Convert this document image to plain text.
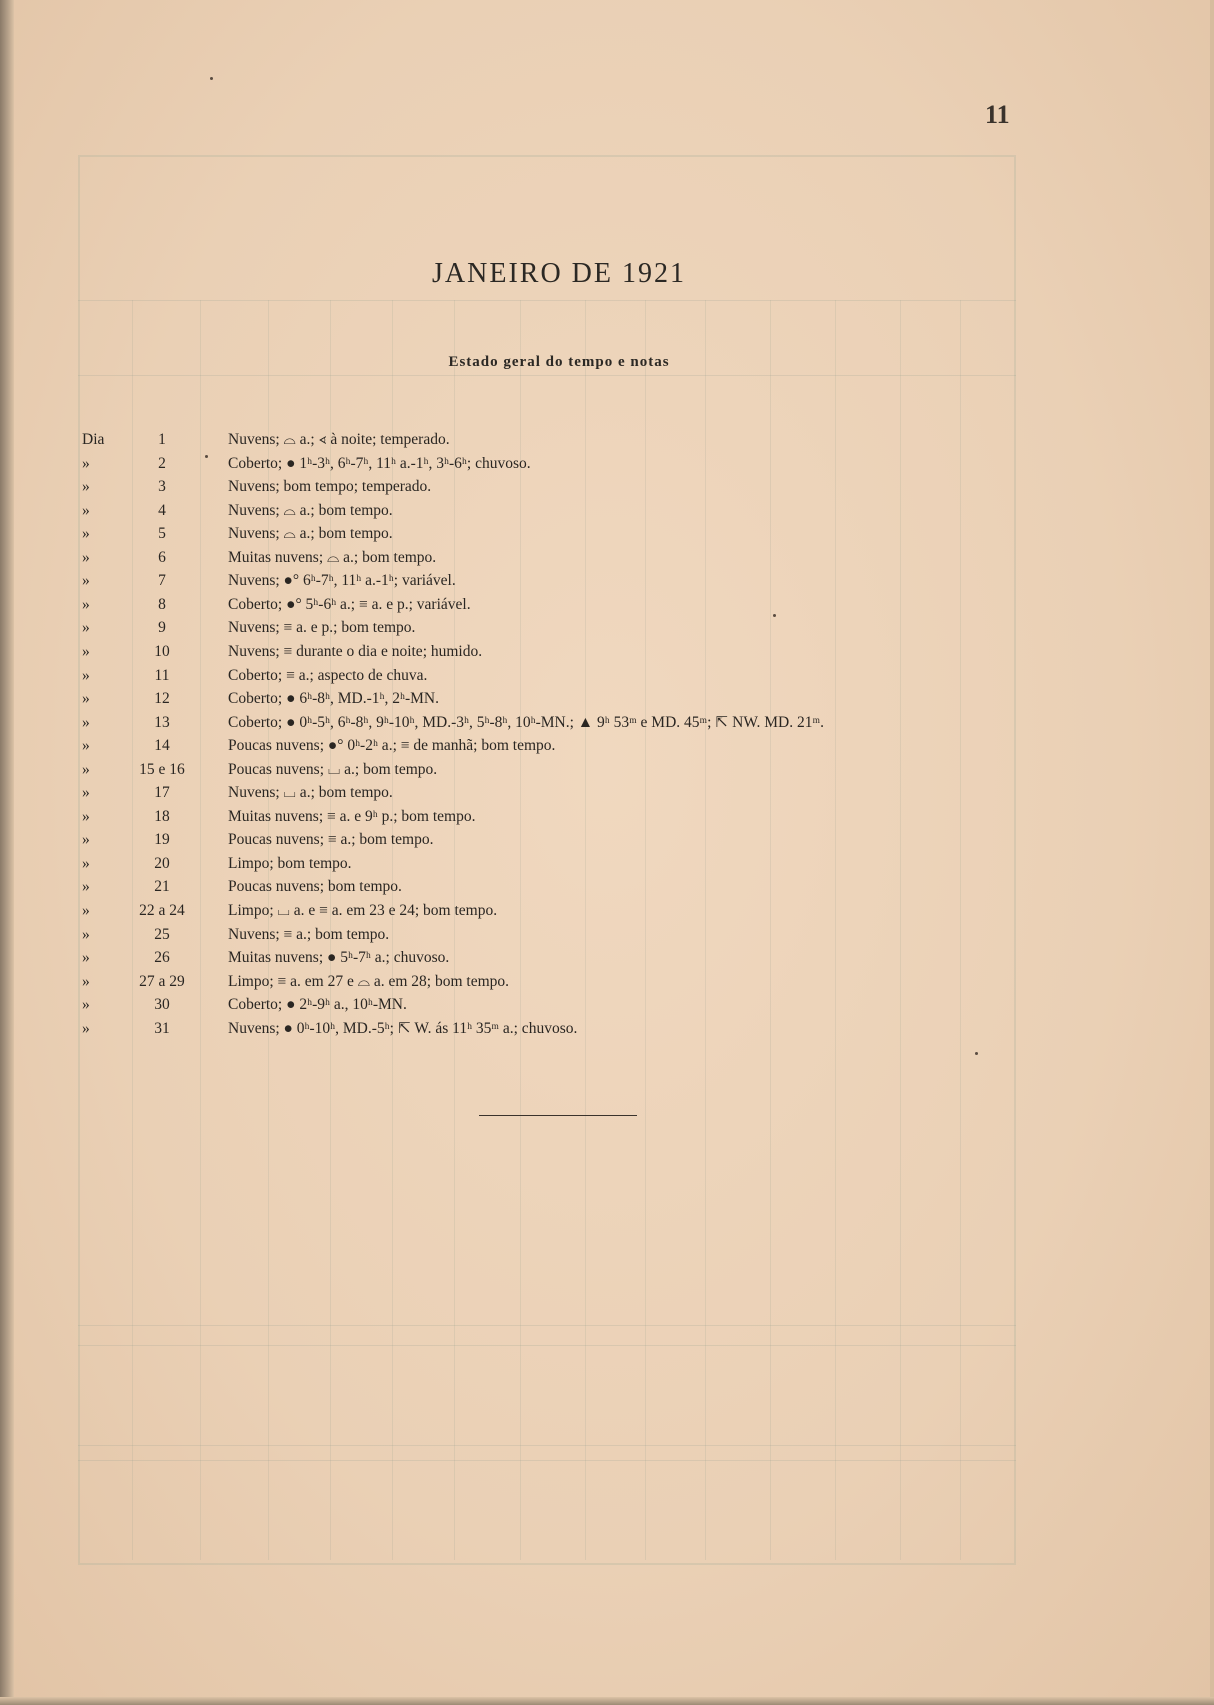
11
JANEIRO DE 1921
Estado geral do tempo e notas
Dia	1	Nuvens; ⌓ a.; ∢ à noite; temperado.
»	2	Coberto; ● 1ʰ-3ʰ, 6ʰ-7ʰ, 11ʰ a.-1ʰ, 3ʰ-6ʰ; chuvoso.
»	3	Nuvens; bom tempo; temperado.
»	4	Nuvens; ⌓ a.; bom tempo.
»	5	Nuvens; ⌓ a.; bom tempo.
»	6	Muitas nuvens; ⌓ a.; bom tempo.
»	7	Nuvens; ●° 6ʰ-7ʰ, 11ʰ a.-1ʰ; variável.
»	8	Coberto; ●° 5ʰ-6ʰ a.; ≡ a. e p.; variável.
»	9	Nuvens; ≡ a. e p.; bom tempo.
»	10	Nuvens; ≡ durante o dia e noite; humido.
»	11	Coberto; ≡ a.; aspecto de chuva.
»	12	Coberto; ● 6ʰ-8ʰ, MD.-1ʰ, 2ʰ-MN.
»	13	Coberto; ● 0ʰ-5ʰ, 6ʰ-8ʰ, 9ʰ-10ʰ, MD.-3ʰ, 5ʰ-8ʰ, 10ʰ-MN.; ▲ 9ʰ 53ᵐ e MD. 45ᵐ; ⇱ NW. MD. 21ᵐ.
»	14	Poucas nuvens; ●° 0ʰ-2ʰ a.; ≡ de manhã; bom tempo.
»	15 e 16	Poucas nuvens; ⌴ a.; bom tempo.
»	17	Nuvens; ⌴ a.; bom tempo.
»	18	Muitas nuvens; ≡ a. e 9ʰ p.; bom tempo.
»	19	Poucas nuvens; ≡ a.; bom tempo.
»	20	Limpo; bom tempo.
»	21	Poucas nuvens; bom tempo.
»	22 a 24	Limpo; ⌴ a. e ≡ a. em 23 e 24; bom tempo.
»	25	Nuvens; ≡ a.; bom tempo.
»	26	Muitas nuvens; ● 5ʰ-7ʰ a.; chuvoso.
»	27 a 29	Limpo; ≡ a. em 27 e ⌓ a. em 28; bom tempo.
»	30	Coberto; ● 2ʰ-9ʰ a., 10ʰ-MN.
»	31	Nuvens; ● 0ʰ-10ʰ, MD.-5ʰ; ⇱ W. ás 11ʰ 35ᵐ a.; chuvoso.
